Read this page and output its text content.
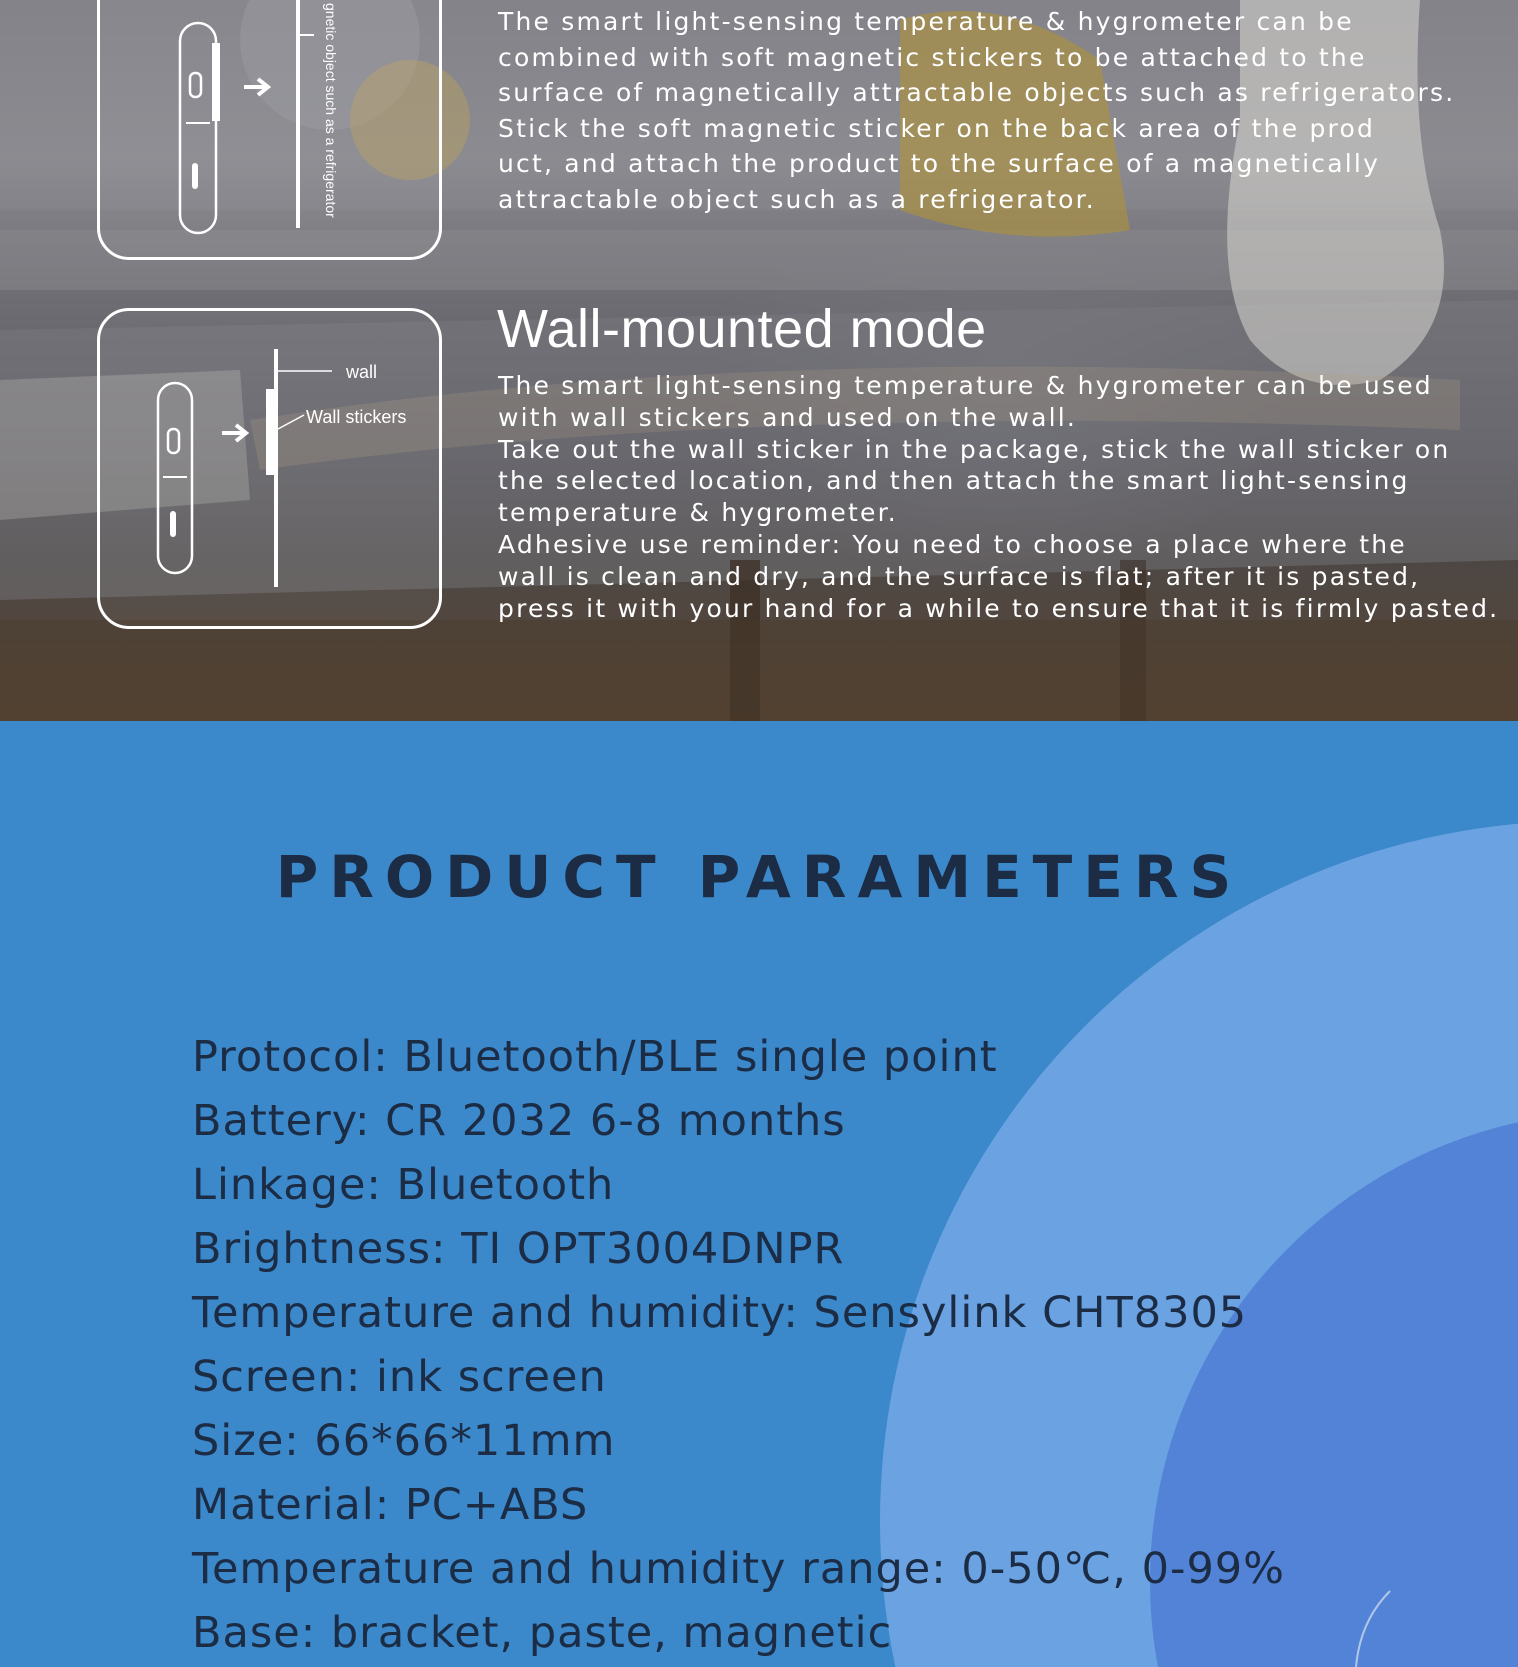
gnetic object such as a refrigerator	The smart light-sensing temperature & hygrometer can be
combined with soft magnetic stickers to be attached to the
surface of magnetically attractable objects such as refrigerators.
Stick the soft magnetic sticker on the back area of the prod
uct, and attach the product to the surface of a magnetically
attractable object such as a refrigerator.

wall
Wall stickers
Wall-mounted mode

The smart light-sensing temperature & hygrometer can be used
with wall stickers and used on the wall.
Take out the wall sticker in the package, stick the wall sticker on
the selected location, and then attach the smart light-sensing
temperature & hygrometer.
Adhesive use reminder: You need to choose a place where the
wall is clean and dry, and the surface is flat; after it is pasted,
press it with your hand for a while to ensure that it is firmly pasted.

PRODUCT PARAMETERS
Protocol: Bluetooth/BLE single point
Battery: CR 2032 6-8 months
Linkage: Bluetooth
Brightness: TI OPT3004DNPR
Temperature and humidity: Sensylink CHT8305
Screen: ink screen
Size: 66*66*11mm
Material: PC+ABS
Temperature and humidity range: 0-50℃, 0-99%
Base: bracket, paste, magnetic
